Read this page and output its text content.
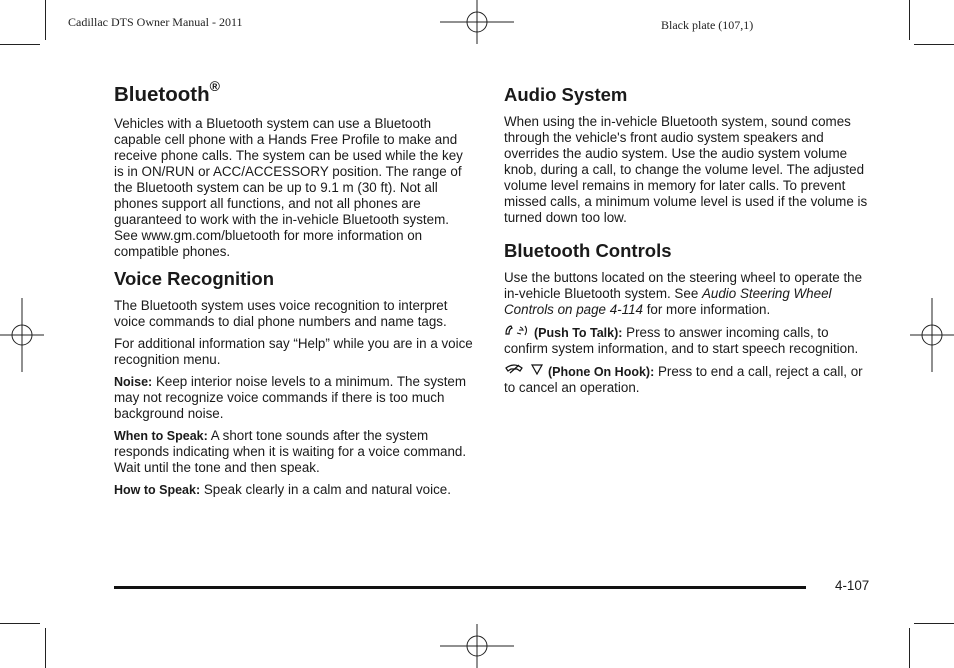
Cadillac DTS Owner Manual - 2011	Black plate (107,1)
Bluetooth®

Vehicles with a Bluetooth system can use a Bluetooth capable cell phone with a Hands Free Profile to make and receive phone calls. The system can be used while the key is in ON/RUN or ACC/ACCESSORY position. The range of the Bluetooth system can be up to 9.1 m (30 ft). Not all phones support all functions, and not all phones are guaranteed to work with the in-vehicle Bluetooth system. See www.gm.com/bluetooth for more information on compatible phones.

Voice Recognition

The Bluetooth system uses voice recognition to interpret voice commands to dial phone numbers and name tags.

For additional information say “Help” while you are in a voice recognition menu.

Noise: Keep interior noise levels to a minimum. The system may not recognize voice commands if there is too much background noise.

When to Speak: A short tone sounds after the system responds indicating when it is waiting for a voice command. Wait until the tone and then speak.

How to Speak: Speak clearly in a calm and natural voice.

Audio System

When using the in-vehicle Bluetooth system, sound comes through the vehicle's front audio system speakers and overrides the audio system. Use the audio system volume knob, during a call, to change the volume level. The adjusted volume level remains in memory for later calls. To prevent missed calls, a minimum volume level is used if the volume is turned down too low.

Bluetooth Controls

Use the buttons located on the steering wheel to operate the in-vehicle Bluetooth system. See Audio Steering Wheel Controls on page 4-114 for more information.

(Push To Talk): Press to answer incoming calls, to confirm system information, and to start speech recognition.

(Phone On Hook): Press to end a call, reject a call, or to cancel an operation.

4-107
